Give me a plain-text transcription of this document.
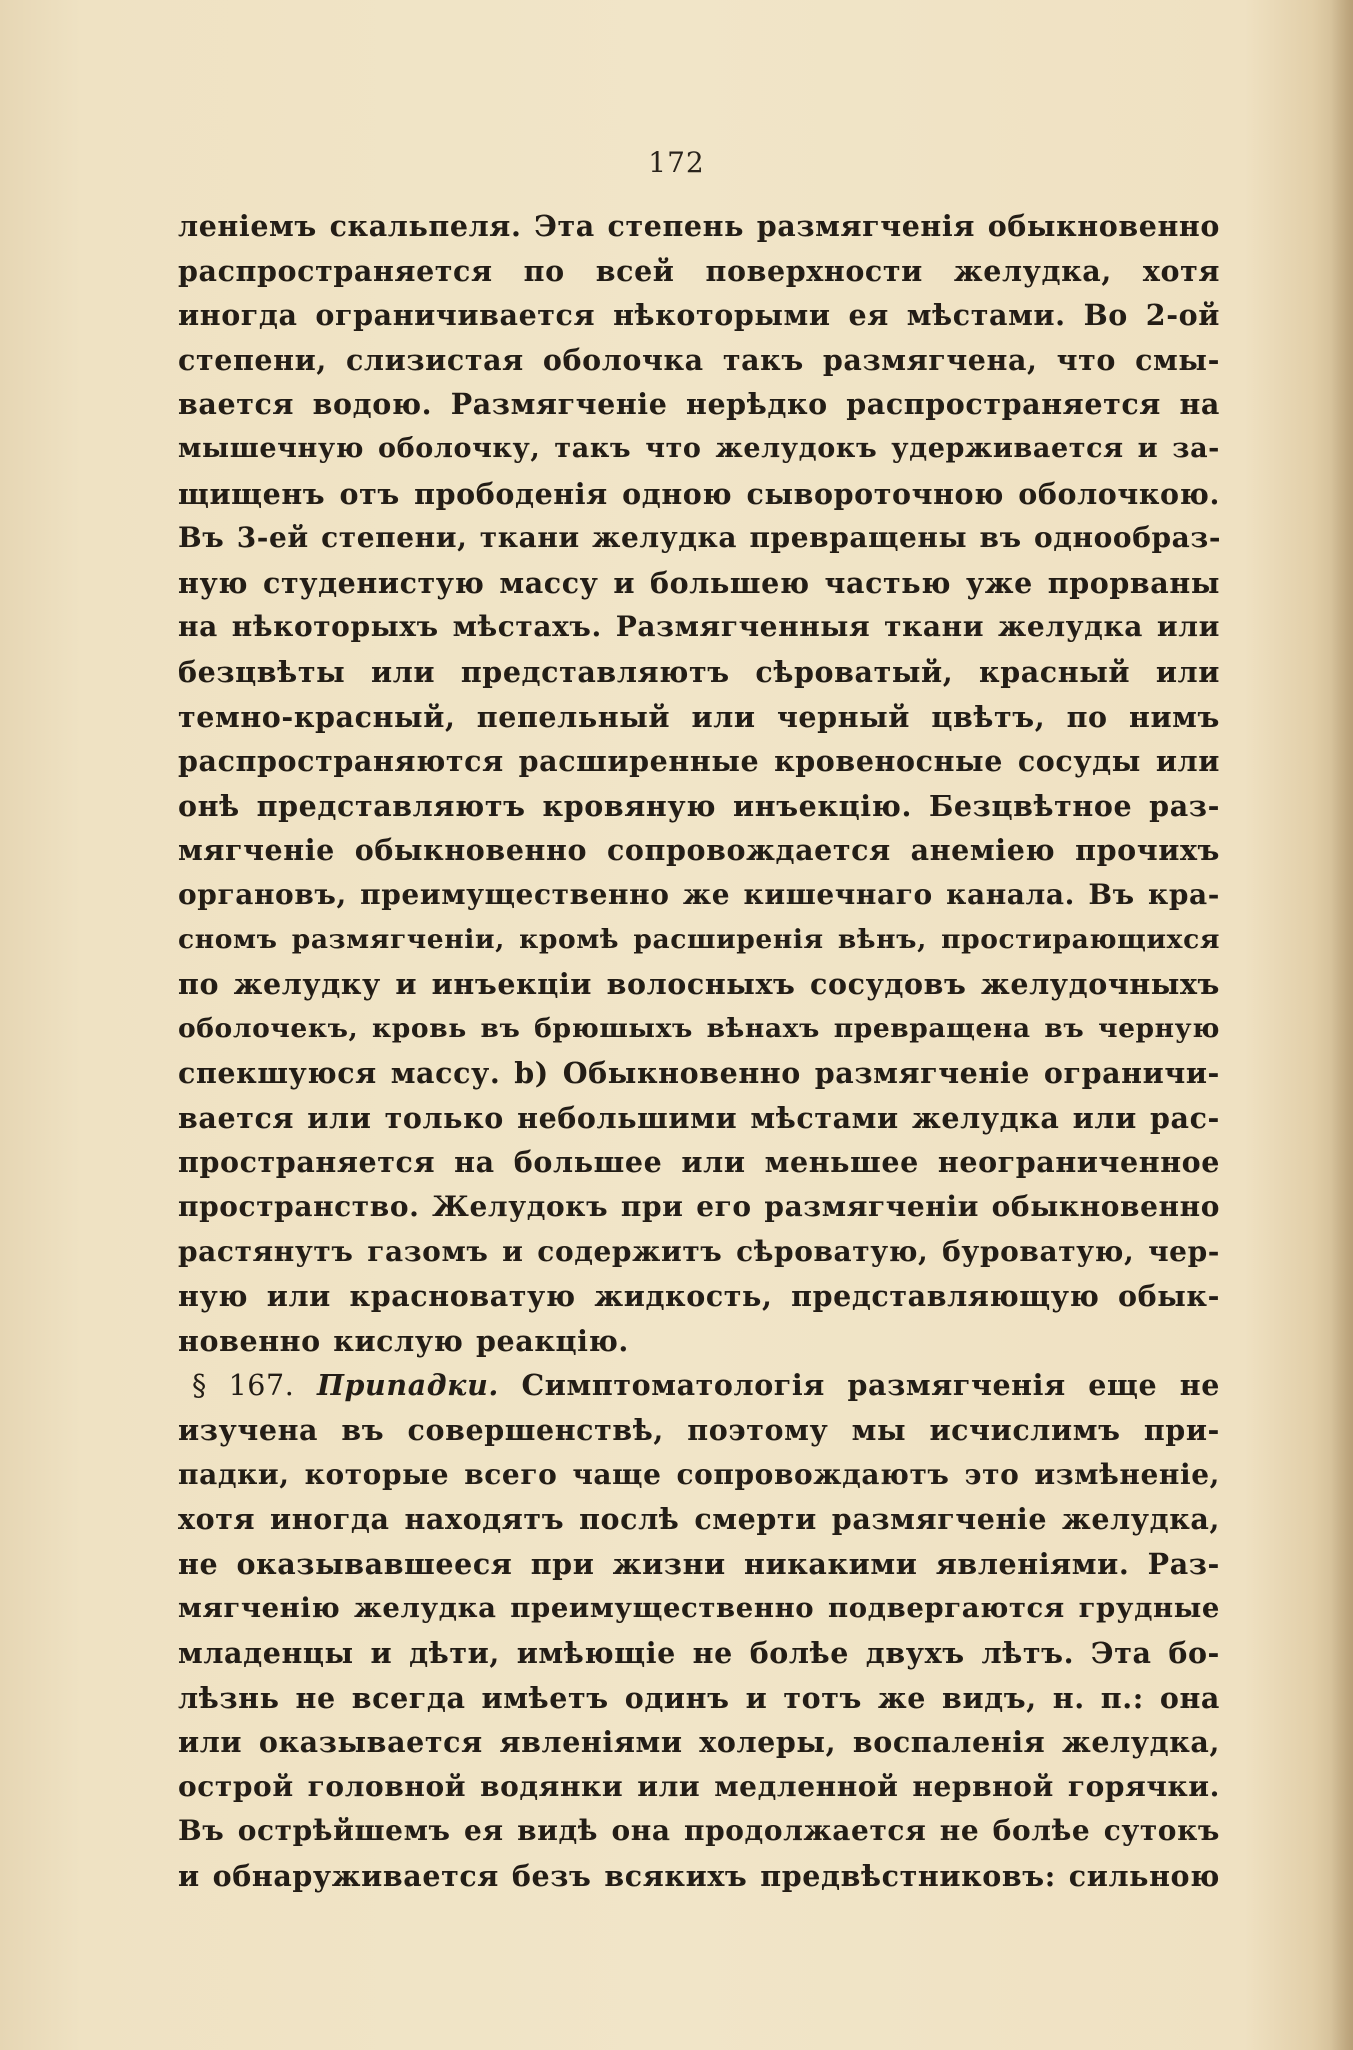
172
леніемъ скальпеля. Эта степень размягченія обыкновенно
распространяется по всей поверхности желудка, хотя
иногда ограничивается нѣкоторыми ея мѣстами. Во 2-ой
степени, слизистая оболочка такъ размягчена, что смы-
вается водою. Размягченіе нерѣдко распространяется на
мышечную оболочку, такъ что желудокъ удерживается и за-
щищенъ отъ прободенія одною сывороточною оболочкою.
Въ 3-ей степени, ткани желудка превращены въ однообраз-
ную студенистую массу и большею частью уже прорваны
на нѣкоторыхъ мѣстахъ. Размягченныя ткани желудка или
безцвѣты или представляютъ сѣроватый, красный или
темно-красный, пепельный или черный цвѣтъ, по нимъ
распространяются расширенные кровеносные сосуды или
онѣ представляютъ кровяную инъекцію. Безцвѣтное раз-
мягченіе обыкновенно сопровождается анеміею прочихъ
органовъ, преимущественно же кишечнаго канала. Въ кра-
сномъ размягченіи, кромѣ расширенія вѣнъ, простирающихся
по желудку и инъекціи волосныхъ сосудовъ желудочныхъ
оболочекъ, кровь въ брюшыхъ вѣнахъ превращена въ черную
спекшуюся массу. b) Обыкновенно размягченіе ограничи-
вается или только небольшими мѣстами желудка или рас-
пространяется на большее или меньшее неограниченное
пространство. Желудокъ при его размягченіи обыкновенно
растянутъ газомъ и содержитъ сѣроватую, буроватую, чер-
ную или красноватую жидкость, представляющую обык-
новенно кислую реакцію.
§ 167. Припадки. Симптоматологія размягченія еще не
изучена въ совершенствѣ, поэтому мы исчислимъ при-
падки, которые всего чаще сопровождаютъ это измѣненіе,
хотя иногда находятъ послѣ смерти размягченіе желудка,
не оказывавшееся при жизни никакими явленіями. Раз-
мягченію желудка преимущественно подвергаются грудные
младенцы и дѣти, имѣющіе не болѣе двухъ лѣтъ. Эта бо-
лѣзнь не всегда имѣетъ одинъ и тотъ же видъ, н. п.: она
или оказывается явленіями холеры, воспаленія желудка,
острой головной водянки или медленной нервной горячки.
Въ острѣйшемъ ея видѣ она продолжается не болѣе сутокъ
и обнаруживается безъ всякихъ предвѣстниковъ: сильною
